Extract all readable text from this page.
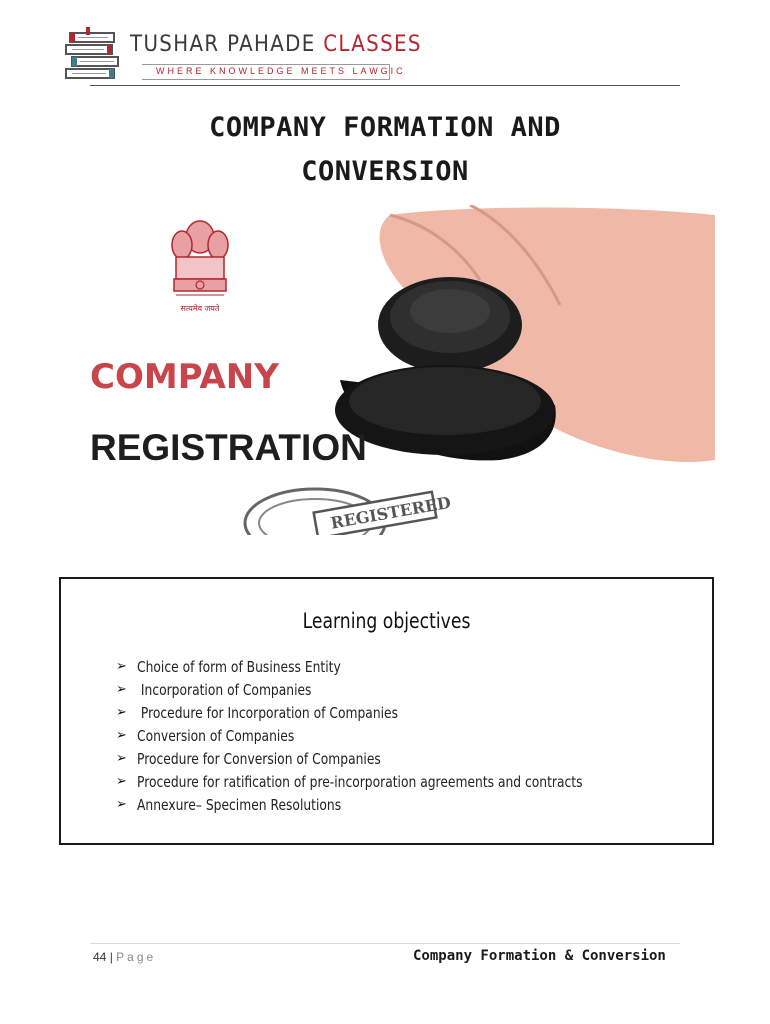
TUSHAR PAHADE CLASSES
WHERE KNOWLEDGE MEETS LAWGIC
COMPANY FORMATION AND
CONVERSION
सत्यमेव जयते
COMPANY
REGISTRATION
REGISTERED
Learning objectives
➢ Choice of form of Business Entity
➢ Incorporation of Companies
➢ Procedure for Incorporation of Companies
➢ Conversion of Companies
➢ Procedure for Conversion of Companies
➢ Procedure for ratification of pre-incorporation agreements and contracts
➢ Annexure– Specimen Resolutions
44 | Page	Company Formation & Conversion
